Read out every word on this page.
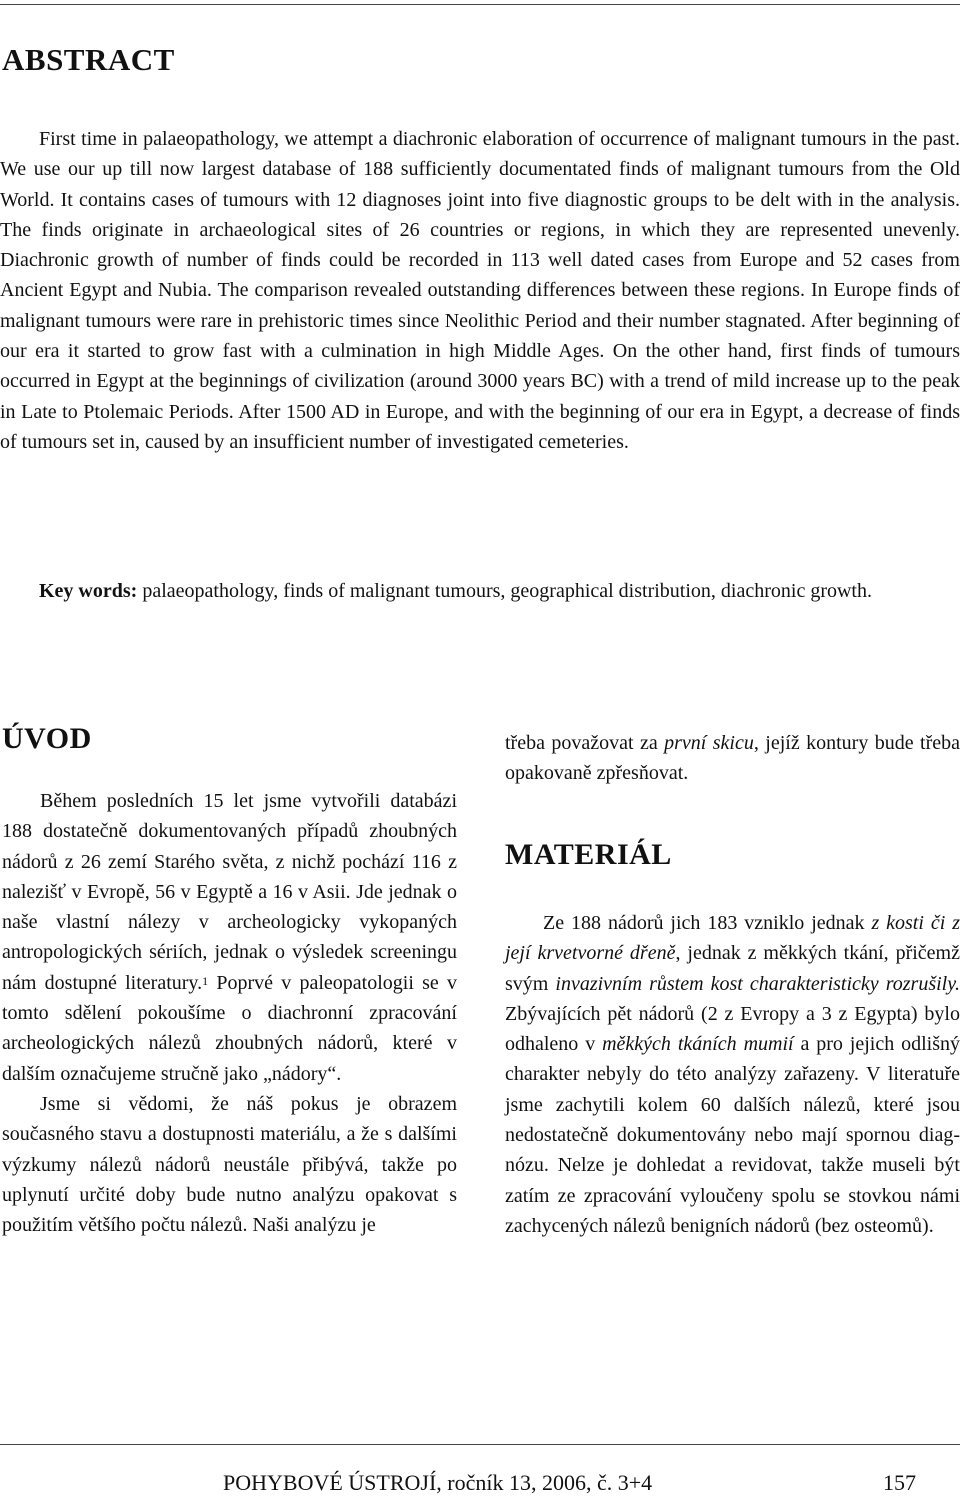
ABSTRACT

First time in palaeopathology, we attempt a diachronic elaboration of occurrence of malignant tumours in the past. We use our up till now largest database of 188 sufficiently documentated finds of malignant tumours from the Old World. It contains cases of tumours with 12 diagnoses joint into five diagnostic groups to be delt with in the analysis. The finds originate in archaeological sites of 26 countries or regions, in which they are represented unevenly. Diachronic growth of number of finds could be recorded in 113 well dated cases from Europe and 52 cases from Ancient Egypt and Nubia. The comparison revealed outstanding differences between these regions. In Europe finds of malignant tumours were rare in prehistoric times since Neolithic Period and their number stagnated. After beginning of our era it started to grow fast with a culmination in high Middle Ages. On the other hand, first finds of tumours occurred in Egypt at the beginnings of civilization (around 3000 years BC) with a trend of mild increase up to the peak in Late to Ptolemaic Periods. After 1500 AD in Europe, and with the beginning of our era in Egypt, a decrease of finds of tumours set in, caused by an insufficient number of investigated cemeteries.

Key words: palaeopathology, finds of malignant tumours, geographical distribution, diachronic growth.

ÚVOD

Během posledních 15 let jsme vytvořili databázi 188 dostatečně dokumentovaných případů zhoubných nádorů z 26 zemí Starého světa, z nichž pochází 116 z nalezišť v Evropě, 56 v Egyptě a 16 v Asii. Jde jednak o naše vlastní nálezy v archeologicky vykopaných antropologických sériích, jednak o výsledek screeningu nám dostupné literatury.$^1$ Poprvé v paleopatologii se v tomto sdělení pokoušíme o diachronní zpracování archeologických nálezů zhoubných nádorů, které v dalším označujeme stručně jako „nádory“.

Jsme si vědomi, že náš pokus je obrazem současného stavu a dostupnosti materiálu, a že s dalšími výzkumy nálezů nádorů neustále přibývá, takže po uplynutí určité doby bude nutno analýzu opakovat s použitím většího počtu nálezů. Naši analýzu je

třeba považovat za první skicu, jejíž kontury bude třeba opakovaně zpřesňovat.

MATERIÁL

Ze 188 nádorů jich 183 vzniklo jednak z kosti či z její krvetvorné dřeně, jednak z měkkých tkání, přičemž svým invazivním růstem kost charakteristicky rozrušily. Zbývajících pět nádorů (2 z Evropy a 3 z Egypta) bylo odhaleno v měkkých tkáních mumií a pro jejich odlišný charakter nebyly do této analýzy zařazeny. V literatuře jsme zachytili kolem 60 dalších nálezů, které jsou nedostatečně dokumentovány nebo mají spornou diagnózu. Nelze je dohledat a revidovat, takže museli být zatím ze zpracování vyloučeny spolu se stovkou námi zachycených nálezů benigních nádorů (bez osteomů).

POHYBOVÉ ÚSTROJÍ, ročník 13, 2006, č. 3+4	157
